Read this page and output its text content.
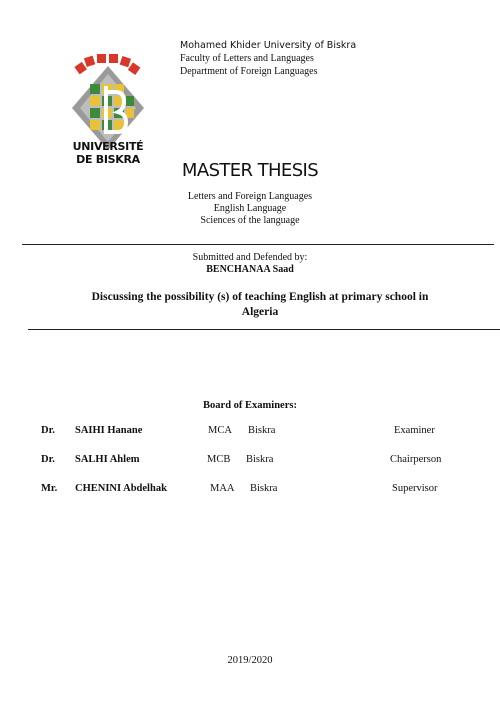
UNIVERSITÉ
DE BISKRA
Mohamed Khider University of Biskra
Faculty of Letters and Languages
Department of Foreign Languages
MASTER THESIS
Letters and Foreign Languages
English Language
Sciences of the language
Submitted and Defended by:
BENCHANAA Saad
Discussing the possibility (s) of teaching English at primary school in
Algeria
Board of Examiners:
Dr. SAIHI Hanane	MCA Biskra	Examiner
Dr. SALHI Ahlem	MCB Biskra	Chairperson
Mr. CHENINI Abdelhak	MAA Biskra	Supervisor
2019/2020
